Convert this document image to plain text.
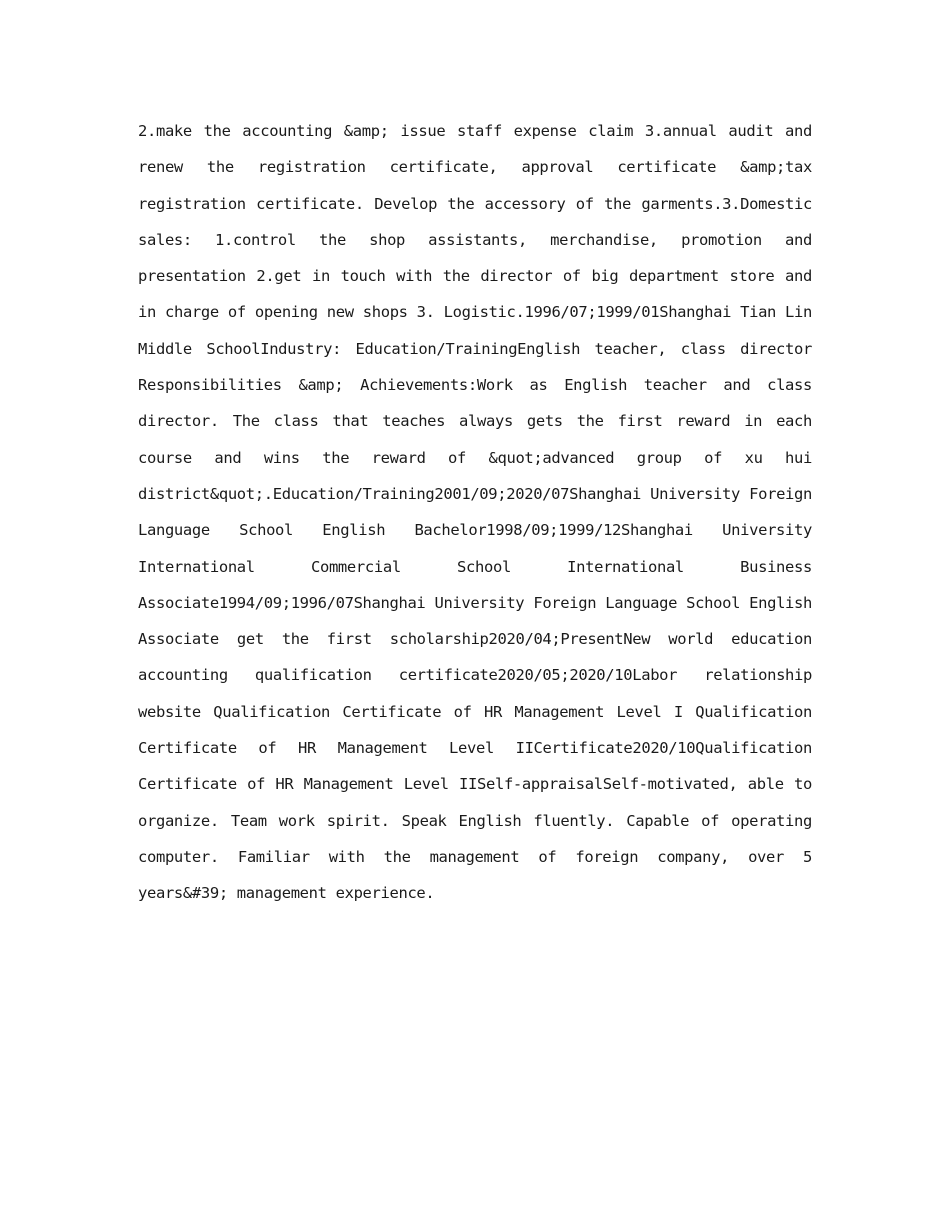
2.make the accounting &amp; issue staff expense claim 3.annual audit and renew the registration certificate, approval certificate &amp;tax registration certificate. Develop the accessory of the garments.3.Domestic sales: 1.control the shop assistants, merchandise, promotion and presentation 2.get in touch with the director of big department store and in charge of opening new shops 3. Logistic.1996/07;1999/01Shanghai Tian Lin Middle SchoolIndustry: Education/TrainingEnglish teacher, class director Responsibilities &amp; Achievements:Work as English teacher and class director. The class that teaches always gets the first reward in each course and wins the reward of &quot;advanced group of xu hui district&quot;.Education/Training2001/09;2020/07Shanghai University Foreign Language School English Bachelor1998/09;1999/12Shanghai University International Commercial School International Business Associate1994/09;1996/07Shanghai University Foreign Language School English Associate get the first scholarship2020/04;PresentNew world education accounting qualification certificate2020/05;2020/10Labor relationship website Qualification Certificate of HR Management Level I Qualification Certificate of HR Management Level IICertificate2020/10Qualification Certificate of HR Management Level IISelf-appraisalSelf-motivated, able to organize. Team work spirit. Speak English fluently. Capable of operating computer. Familiar with the management of foreign company, over 5 years&#39; management experience.
